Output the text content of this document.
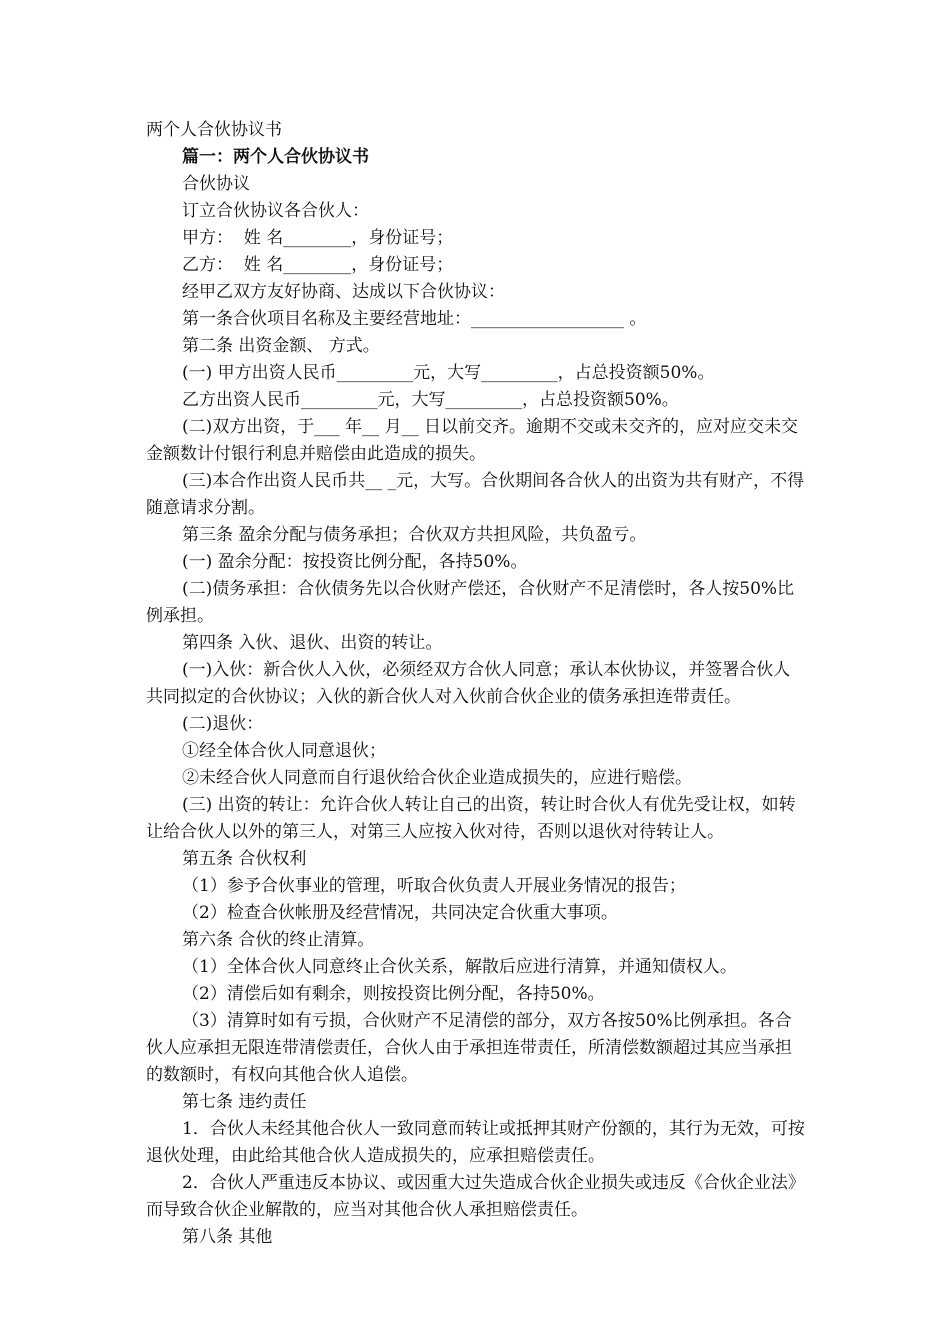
两个人合伙协议书

篇一：两个人合伙协议书

合伙协议

订立合伙协议各合伙人：

甲方：  姓 名________，身份证号；

乙方：  姓 名________，身份证号；

经甲乙双方友好协商、达成以下合伙协议：

第一条合伙项目名称及主要经营地址：__________________ 。

第二条 出资金额、 方式。

(一) 甲方出资人民币_________元，大写_________，占总投资额50%。

乙方出资人民币_________元，大写_________，占总投资额50%。

(二)双方出资，于___ 年__ 月__ 日以前交齐。逾期不交或未交齐的，应对应交未交金额数计付银行利息并赔偿由此造成的损失。

(三)本合作出资人民币共__ _元，大写。合伙期间各合伙人的出资为共有财产，不得随意请求分割。

第三条 盈余分配与债务承担；合伙双方共担风险，共负盈亏。

(一) 盈余分配：按投资比例分配，各持50%。

(二)债务承担：合伙债务先以合伙财产偿还，合伙财产不足清偿时，各人按50%比例承担。

第四条 入伙、退伙、出资的转让。

(一)入伙：新合伙人入伙，必须经双方合伙人同意；承认本伙协议，并签署合伙人共同拟定的合伙协议；入伙的新合伙人对入伙前合伙企业的债务承担连带责任。

(二)退伙：

①经全体合伙人同意退伙；

②未经合伙人同意而自行退伙给合伙企业造成损失的，应进行赔偿。

(三) 出资的转让：允许合伙人转让自己的出资，转让时合伙人有优先受让权，如转让给合伙人以外的第三人，对第三人应按入伙对待，否则以退伙对待转让人。

第五条 合伙权利

（1）参予合伙事业的管理，听取合伙负责人开展业务情况的报告；

（2）检查合伙帐册及经营情况，共同决定合伙重大事项。

第六条 合伙的终止清算。

（1）全体合伙人同意终止合伙关系，解散后应进行清算，并通知债权人。

（2）清偿后如有剩余，则按投资比例分配，各持50%。

（3）清算时如有亏损，合伙财产不足清偿的部分，双方各按50%比例承担。各合伙人应承担无限连带清偿责任，合伙人由于承担连带责任，所清偿数额超过其应当承担的数额时，有权向其他合伙人追偿。

第七条 违约责任

1．合伙人未经其他合伙人一致同意而转让或抵押其财产份额的，其行为无效，可按退伙处理，由此给其他合伙人造成损失的，应承担赔偿责任。

2．合伙人严重违反本协议、或因重大过失造成合伙企业损失或违反《合伙企业法》而导致合伙企业解散的，应当对其他合伙人承担赔偿责任。

第八条 其他
